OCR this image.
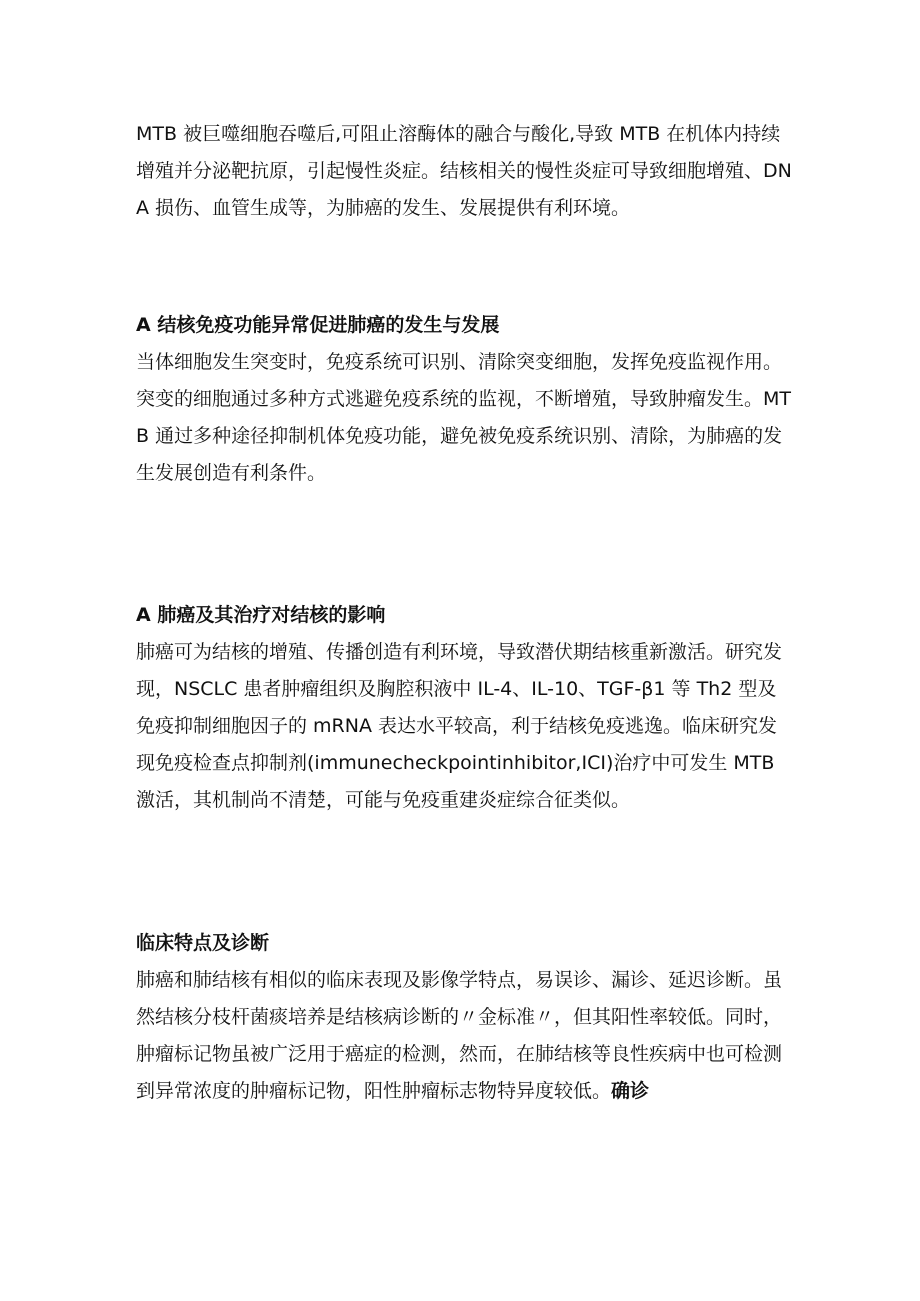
MTB 被巨噬细胞吞噬后,可阻止溶酶体的融合与酸化,导致 MTB 在机体内持续增殖并分泌靶抗原，引起慢性炎症。结核相关的慢性炎症可导致细胞增殖、DNA 损伤、血管生成等，为肺癌的发生、发展提供有利环境。

A 结核免疫功能异常促进肺癌的发生与发展

当体细胞发生突变时，免疫系统可识别、清除突变细胞，发挥免疫监视作用。突变的细胞通过多种方式逃避免疫系统的监视，不断增殖，导致肿瘤发生。MTB 通过多种途径抑制机体免疫功能，避免被免疫系统识别、清除，为肺癌的发生发展创造有利条件。

A 肺癌及其治疗对结核的影响

肺癌可为结核的增殖、传播创造有利环境，导致潜伏期结核重新激活。研究发现，NSCLC 患者肿瘤组织及胸腔积液中 IL-4、IL-10、TGF-β1 等 Th2 型及免疫抑制细胞因子的 mRNA 表达水平较高，利于结核免疫逃逸。临床研究发现免疫检查点抑制剂(immunecheckpointinhibitor,ICI)治疗中可发生 MTB 激活，其机制尚不清楚，可能与免疫重建炎症综合征类似。

临床特点及诊断

肺癌和肺结核有相似的临床表现及影像学特点，易误诊、漏诊、延迟诊断。虽然结核分枝杆菌痰培养是结核病诊断的〃金标准〃，但其阳性率较低。同时，肿瘤标记物虽被广泛用于癌症的检测，然而，在肺结核等良性疾病中也可检测到异常浓度的肿瘤标记物，阳性肿瘤标志物特异度较低。确诊
